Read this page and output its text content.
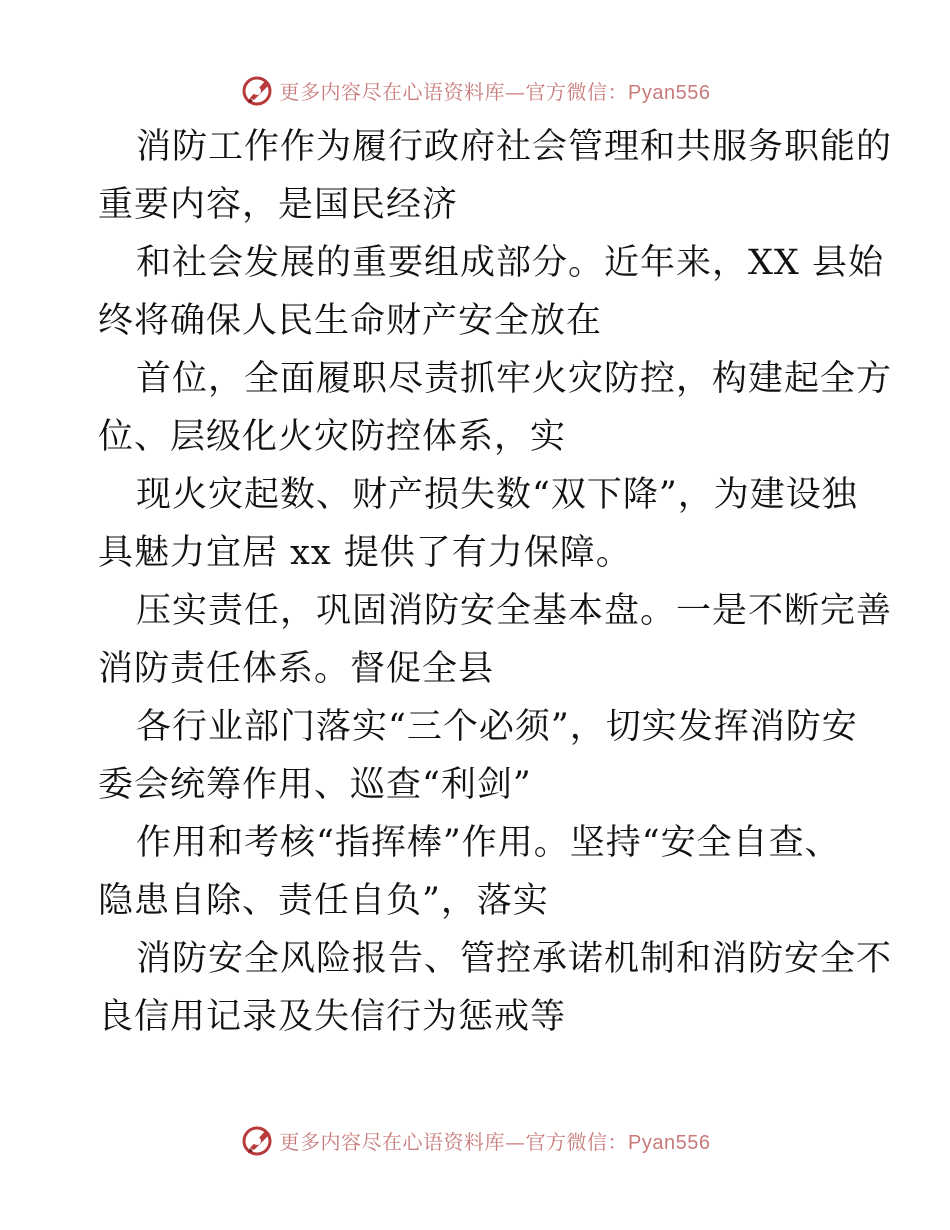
更多内容尽在心语资料库—官方微信：Pyan556

消防工作作为履行政府社会管理和共服务职能的
重要内容，是国民经济

和社会发展的重要组成部分。近年来，XX 县始
终将确保人民生命财产安全放在

首位，全面履职尽责抓牢火灾防控，构建起全方
位、层级化火灾防控体系，实

现火灾起数、财产损失数“双下降”，为建设独
具魅力宜居 xx 提供了有力保障。

压实责任，巩固消防安全基本盘。一是不断完善
消防责任体系。督促全县

各行业部门落实“三个必须”，切实发挥消防安
委会统筹作用、巡查“利剑”

作用和考核“指挥棒”作用。坚持“安全自查、
隐患自除、责任自负”，落实

消防安全风险报告、管控承诺机制和消防安全不
良信用记录及失信行为惩戒等

更多内容尽在心语资料库—官方微信：Pyan556
